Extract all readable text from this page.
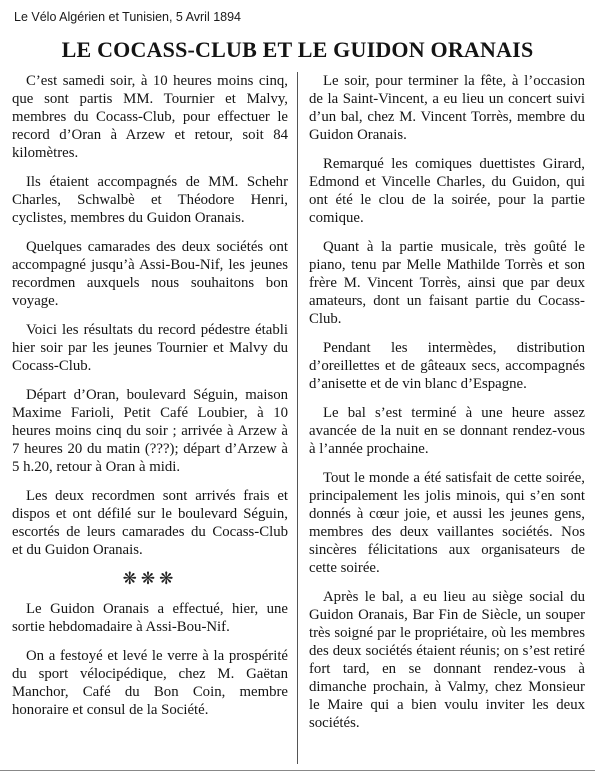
Le Vélo Algérien et Tunisien, 5 Avril 1894
LE COCASS-CLUB ET LE GUIDON ORANAIS

C’est samedi soir, à 10 heures moins cinq, que sont partis MM. Tournier et Malvy, membres du Cocass-Club, pour effectuer le record d’Oran à Arzew et retour, soit 84 kilomètres.

Ils étaient accompagnés de MM. Schehr Charles, Schwalbè et Théodore Henri, cyclistes, membres du Guidon Oranais.

Quelques camarades des deux sociétés ont accompagné jusqu’à Assi-Bou-Nif, les jeunes recordmen auxquels nous souhaitons bon voyage.

Voici les résultats du record pédestre établi hier soir par les jeunes Tournier et Malvy du Cocass-Club.

Départ d’Oran, boulevard Séguin, maison Maxime Farioli, Petit Café Loubier, à 10 heures moins cinq du soir ; arrivée à Arzew à 7 heures 20 du matin (???); départ d’Arzew à 5 h.20, retour à Oran à midi.

Les deux recordmen sont arrivés frais et dispos et ont défilé sur le boulevard Séguin, escortés de leurs camarades du Cocass-Club et du Guidon Oranais.

❋❋❋

Le Guidon Oranais a effectué, hier, une sortie hebdomadaire à Assi-Bou-Nif.

On a festoyé et levé le verre à la prospérité du sport vélocipédique, chez M. Gaëtan Manchor, Café du Bon Coin, membre honoraire et consul de la Société.

Le soir, pour terminer la fête, à l’occasion de la Saint-Vincent, a eu lieu un concert suivi d’un bal, chez M. Vincent Torrès, membre du Guidon Oranais.

Remarqué les comiques duettistes Girard, Edmond et Vincelle Charles, du Guidon, qui ont été le clou de la soirée, pour la partie comique.

Quant à la partie musicale, très goûté le piano, tenu par Melle Mathilde Torrès et son frère M. Vincent Torrès, ainsi que par deux amateurs, dont un faisant partie du Cocass-Club.

Pendant les intermèdes, distribution d’oreillettes et de gâteaux secs, accompagnés d’anisette et de vin blanc d’Espagne.

Le bal s’est terminé à une heure assez avancée de la nuit en se donnant rendez-vous à l’année prochaine.

Tout le monde a été satisfait de cette soirée, principalement les jolis minois, qui s’en sont donnés à cœur joie, et aussi les jeunes gens, membres des deux vaillantes sociétés. Nos sincères félicitations aux organisateurs de cette soirée.

Après le bal, a eu lieu au siège social du Guidon Oranais, Bar Fin de Siècle, un souper très soigné par le propriétaire, où les membres des deux sociétés étaient réunis; on s’est retiré fort tard, en se donnant rendez-vous à dimanche prochain, à Valmy, chez Monsieur le Maire qui a bien voulu inviter les deux sociétés.
